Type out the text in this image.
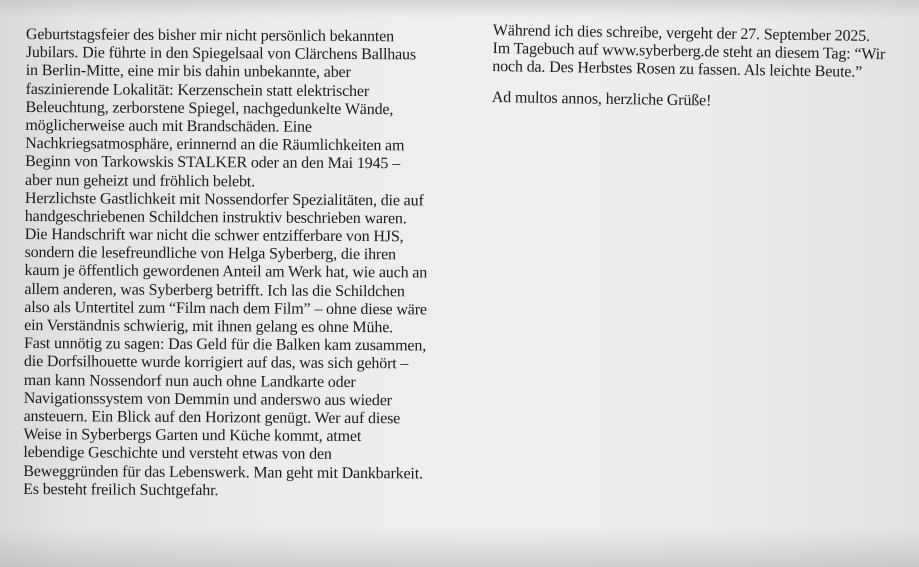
Geburtstagsfeier des bisher mir nicht persönlich bekannten
Jubilars. Die führte in den Spiegelsaal von Clärchens Ballhaus
in Berlin-Mitte, eine mir bis dahin unbekannte, aber
faszinierende Lokalität: Kerzenschein statt elektrischer
Beleuchtung, zerborstene Spiegel, nachgedunkelte Wände,
möglicherweise auch mit Brandschäden. Eine
Nachkriegsatmosphäre, erinnernd an die Räumlichkeiten am
Beginn von Tarkowskis STALKER oder an den Mai 1945 –
aber nun geheizt und fröhlich belebt.
Herzlichste Gastlichkeit mit Nossendorfer Spezialitäten, die auf
handgeschriebenen Schildchen instruktiv beschrieben waren.
Die Handschrift war nicht die schwer entzifferbare von HJS,
sondern die lesefreundliche von Helga Syberberg, die ihren
kaum je öffentlich gewordenen Anteil am Werk hat, wie auch an
allem anderen, was Syberberg betrifft. Ich las die Schildchen
also als Untertitel zum “Film nach dem Film” – ohne diese wäre
ein Verständnis schwierig, mit ihnen gelang es ohne Mühe.
Fast unnötig zu sagen: Das Geld für die Balken kam zusammen,
die Dorfsilhouette wurde korrigiert auf das, was sich gehört –
man kann Nossendorf nun auch ohne Landkarte oder
Navigationssystem von Demmin und anderswo aus wieder
ansteuern. Ein Blick auf den Horizont genügt. Wer auf diese
Weise in Syberbergs Garten und Küche kommt, atmet
lebendige Geschichte und versteht etwas von den
Beweggründen für das Lebenswerk. Man geht mit Dankbarkeit.
Es besteht freilich Suchtgefahr.
Während ich dies schreibe, vergeht der 27. September 2025.
Im Tagebuch auf www.syberberg.de steht an diesem Tag: “Wir
noch da. Des Herbstes Rosen zu fassen. Als leichte Beute.”
Ad multos annos, herzliche Grüße!
